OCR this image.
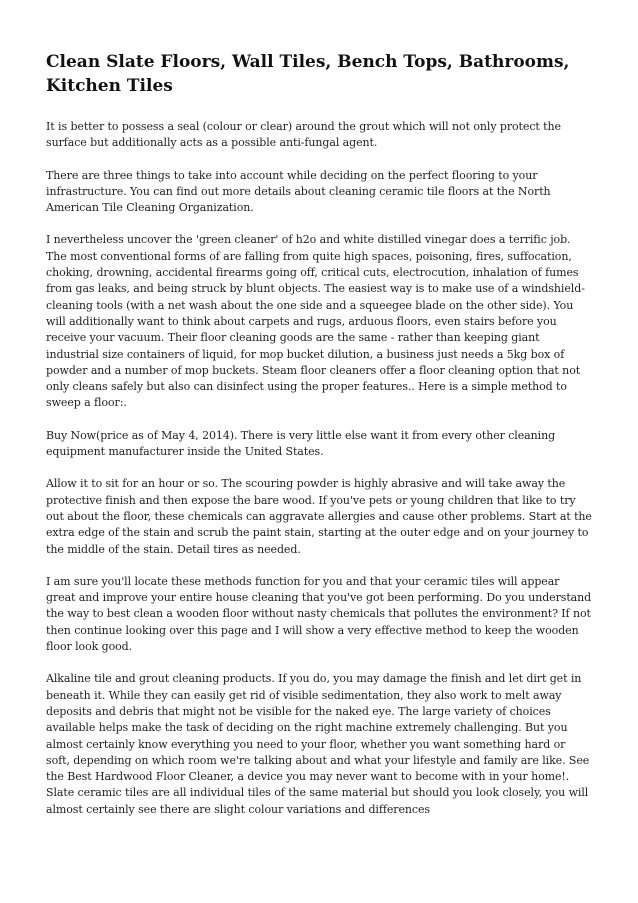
Clean Slate Floors, Wall Tiles, Bench Tops, Bathrooms, Kitchen Tiles

It is better to possess a seal (colour or clear) around the grout which will not only protect the surface but additionally acts as a possible anti-fungal agent.

There are three things to take into account while deciding on the perfect flooring to your infrastructure. You can find out more details about cleaning ceramic tile floors at the North American Tile Cleaning Organization.

I nevertheless uncover the 'green cleaner' of h2o and white distilled vinegar does a terrific job. The most conventional forms of are falling from quite high spaces, poisoning, fires, suffocation, choking, drowning, accidental firearms going off, critical cuts, electrocution, inhalation of fumes from gas leaks, and being struck by blunt objects. The easiest way is to make use of a windshield-cleaning tools (with a net wash about the one side and a squeegee blade on the other side). You will additionally want to think about carpets and rugs, arduous floors, even stairs before you receive your vacuum. Their floor cleaning goods are the same - rather than keeping giant industrial size containers of liquid, for mop bucket dilution, a business just needs a 5kg box of powder and a number of mop buckets. Steam floor cleaners offer a floor cleaning option that not only cleans safely but also can disinfect using the proper features.. Here is a simple method to sweep a floor:.

Buy Now(price as of May 4, 2014). There is very little else want it from every other cleaning equipment manufacturer inside the United States.

Allow it to sit for an hour or so. The scouring powder is highly abrasive and will take away the protective finish and then expose the bare wood. If you've pets or young children that like to try out about the floor, these chemicals can aggravate allergies and cause other problems. Start at the extra edge of the stain and scrub the paint stain, starting at the outer edge and on your journey to the middle of the stain. Detail tires as needed.

I am sure you'll locate these methods function for you and that your ceramic tiles will appear great and improve your entire house cleaning that you've got been performing. Do you understand the way to best clean a wooden floor without nasty chemicals that pollutes the environment? If not then continue looking over this page and I will show a very effective method to keep the wooden floor look good.

Alkaline tile and grout cleaning products. If you do, you may damage the finish and let dirt get in beneath it. While they can easily get rid of visible sedimentation, they also work to melt away deposits and debris that might not be visible for the naked eye. The large variety of choices available helps make the task of deciding on the right machine extremely challenging. But you almost certainly know everything you need to your floor, whether you want something hard or soft, depending on which room we're talking about and what your lifestyle and family are like. See the Best Hardwood Floor Cleaner, a device you may never want to become with in your home!. Slate ceramic tiles are all individual tiles of the same material but should you look closely, you will almost certainly see there are slight colour variations and differences
